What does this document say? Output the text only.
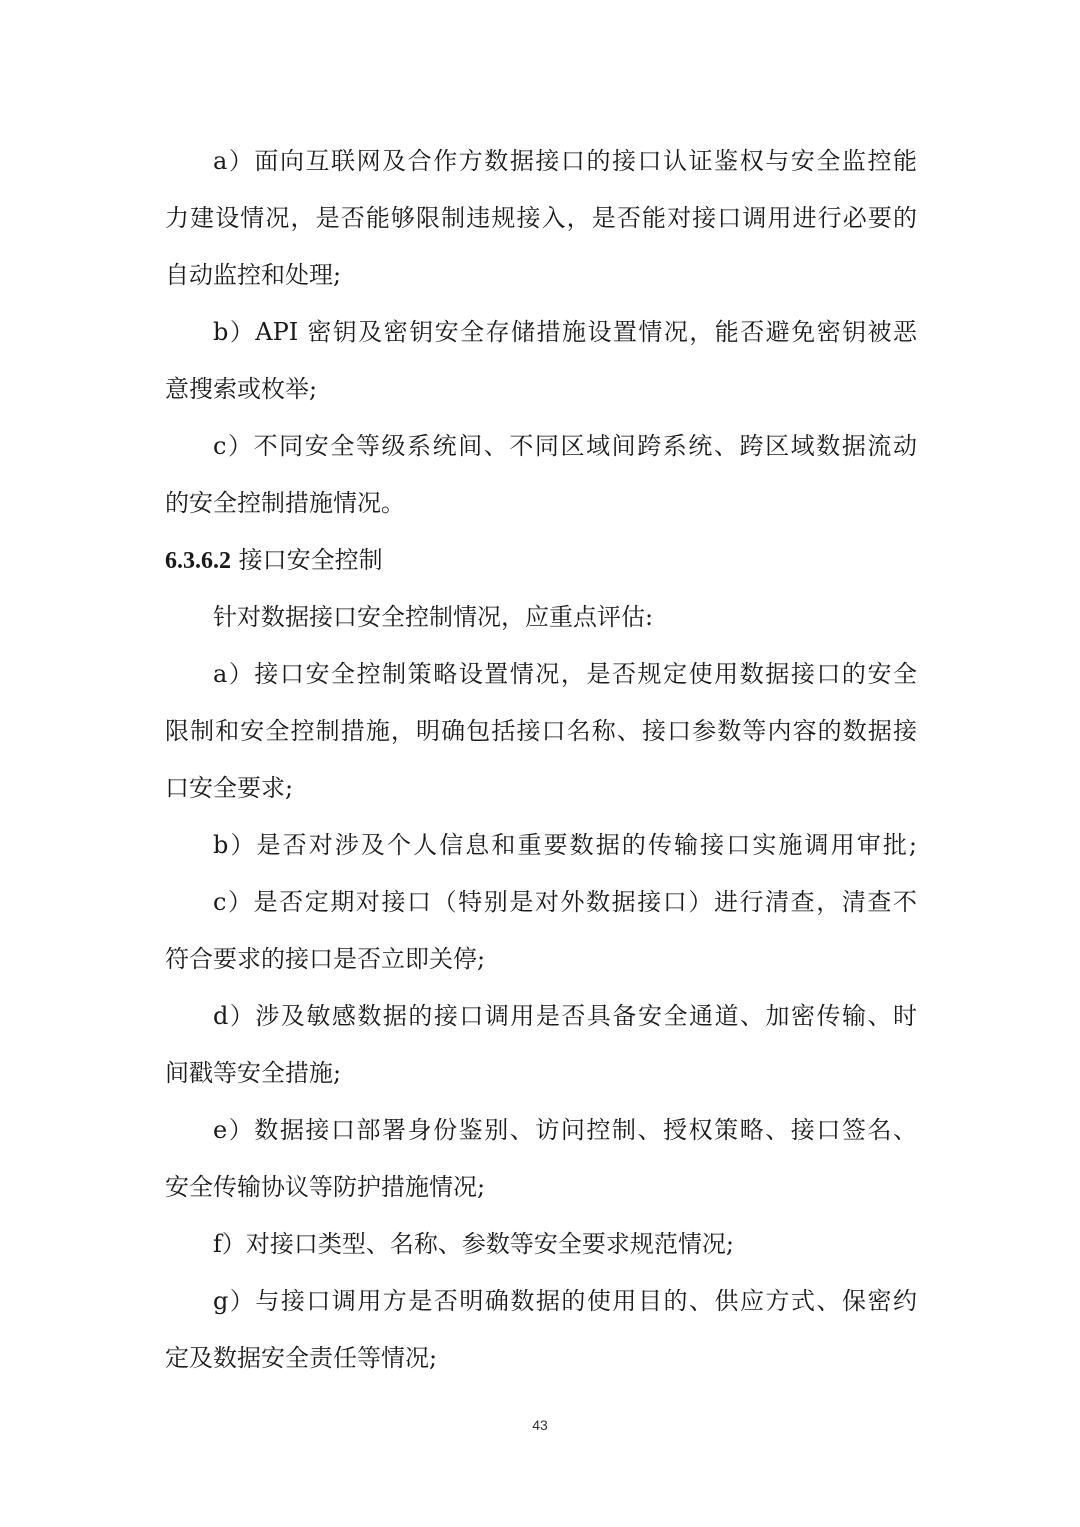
a）面向互联网及合作方数据接口的接口认证鉴权与安全监控能
力建设情况，是否能够限制违规接入，是否能对接口调用进行必要的
自动监控和处理;
b）API 密钥及密钥安全存储措施设置情况，能否避免密钥被恶
意搜索或枚举;
c）不同安全等级系统间、不同区域间跨系统、跨区域数据流动
的安全控制措施情况。
6.3.6.2 接口安全控制
针对数据接口安全控制情况，应重点评估:
a）接口安全控制策略设置情况，是否规定使用数据接口的安全
限制和安全控制措施，明确包括接口名称、接口参数等内容的数据接
口安全要求;
b）是否对涉及个人信息和重要数据的传输接口实施调用审批;
c）是否定期对接口（特别是对外数据接口）进行清查，清查不
符合要求的接口是否立即关停;
d）涉及敏感数据的接口调用是否具备安全通道、加密传输、时
间戳等安全措施;
e）数据接口部署身份鉴别、访问控制、授权策略、接口签名、
安全传输协议等防护措施情况;
f）对接口类型、名称、参数等安全要求规范情况;
g）与接口调用方是否明确数据的使用目的、供应方式、保密约
定及数据安全责任等情况;
43
